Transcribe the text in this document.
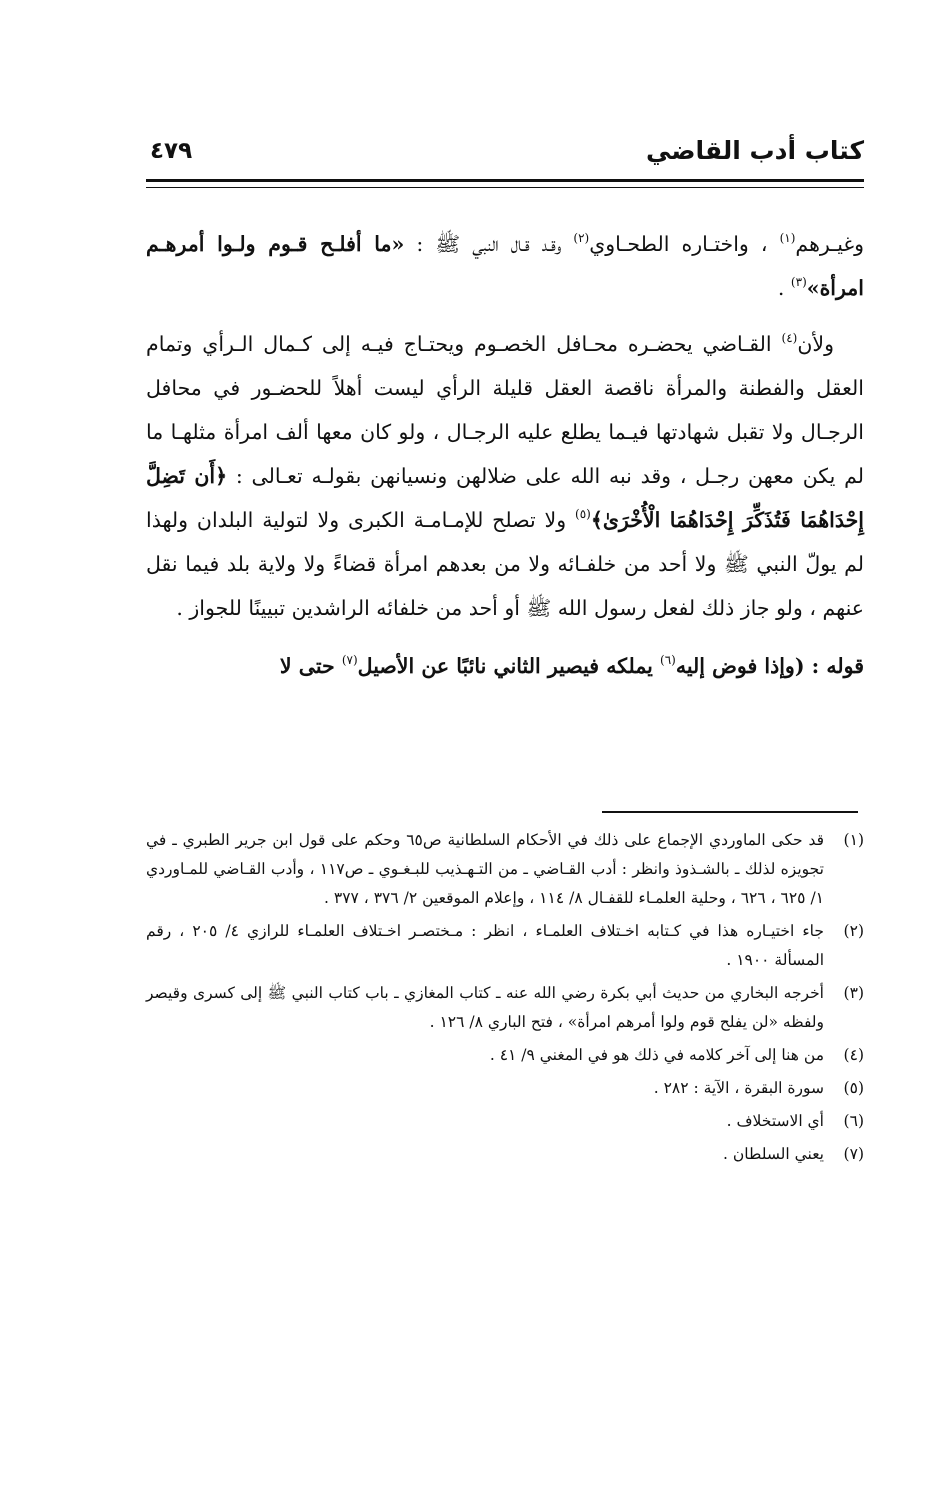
كتاب أدب القاضي
٤٧٩

وغيـرهم$^{(١)}$ ، واختـاره الطحـاوي$^{(٢)}$ وقـد قـال النبي ﷺ : «ما أفلـح قـوم ولـوا أمرهـم امرأة»$^{(٣)}$ .

ولأن$^{(٤)}$ القـاضي يحضـره محـافل الخصـوم ويحتـاج فيـه إلى كـمال الـرأي وتمام العقل والفطنة والمرأة ناقصة العقل قليلة الرأي ليست أهلاً للحضـور في محافل الرجـال ولا تقبل شهادتها فيـما يطلع عليه الرجـال ، ولو كان معها ألف امرأة مثلهـا ما لم يكن معهن رجـل ، وقد نبه الله على ضلالهن ونسيانهن بقولـه تعـالى : ﴿أَن تَضِلَّ إِحْدَاهُمَا فَتُذَكِّرَ إِحْدَاهُمَا الْأُخْرَىٰ﴾$^{(٥)}$ ولا تصلح للإمـامـة الكبرى ولا لتولية البلدان ولهذا لم يولّ النبي ﷺ ولا أحد من خلفـائه ولا من بعدهم امرأة قضاءً ولا ولاية بلد فيما نقل عنهم ، ولو جاز ذلك لفعل رسول الله ﷺ أو أحد من خلفائه الراشدين تبيينًا للجواز .

قوله : (وإذا فوض إليه$^{(٦)}$ يملكه فيصير الثاني نائبًا عن الأصيل$^{(٧)}$ حتى لا

(١)
قد حكى الماوردي الإجماع على ذلك في الأحكام السلطانية ص٦٥ وحكم على قول ابن جرير الطبري ـ في تجويزه لذلك ـ بالشـذوذ وانظر : أدب القـاضي ـ من التـهـذيب للبـغـوي ـ ص١١٧ ، وأدب القـاضي للمـاوردي ١/ ٦٢٥ ، ٦٢٦ ، وحلية العلمـاء للقفـال ٨/ ١١٤ ، وإعلام الموقعين ٢/ ٣٧٦ ، ٣٧٧ .
(٢)
جاء اختيـاره هذا في كـتابه اخـتلاف العلمـاء ، انظر : مـختصـر اخـتلاف العلمـاء للرازي ٤/ ٢٠٥ ، رقم المسألة ١٩٠٠ .
(٣)
أخرجه البخاري من حديث أبي بكرة رضي الله عنه ـ كتاب المغازي ـ باب كتاب النبي ﷺ إلى كسرى وقيصر ولفظه «لن يفلح قوم ولوا أمرهم امرأة» ، فتح الباري ٨/ ١٢٦ .
(٤)
من هنا إلى آخر كلامه في ذلك هو في المغني ٩/ ٤١ .
(٥)
سورة البقرة ، الآية : ٢٨٢ .
(٦)
أي الاستخلاف .
(٧)
يعني السلطان .
